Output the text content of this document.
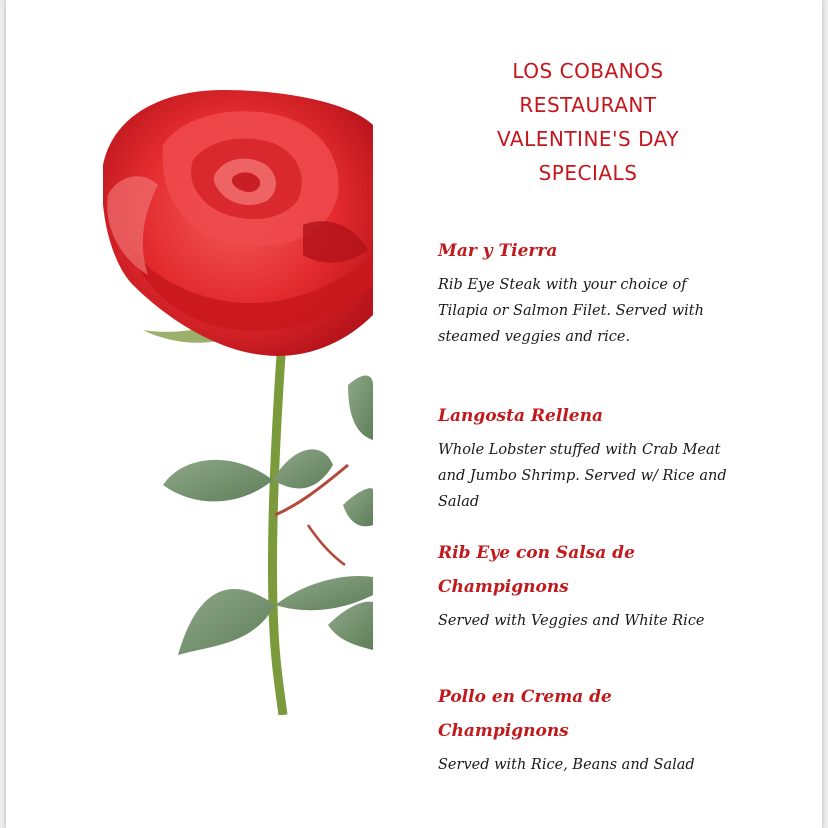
LOS COBANOS
RESTAURANT
VALENTINE'S DAY
SPECIALS

Mar y Tierra

Rib Eye Steak with your choice of Tilapia or Salmon Filet. Served with steamed veggies and rice.

Langosta Rellena

Whole Lobster stuffed with Crab Meat and Jumbo Shrimp. Served w/ Rice and Salad

Rib Eye con Salsa de Champignons

Served with Veggies and White Rice

Pollo en Crema de Champignons

Served with Rice, Beans and Salad
